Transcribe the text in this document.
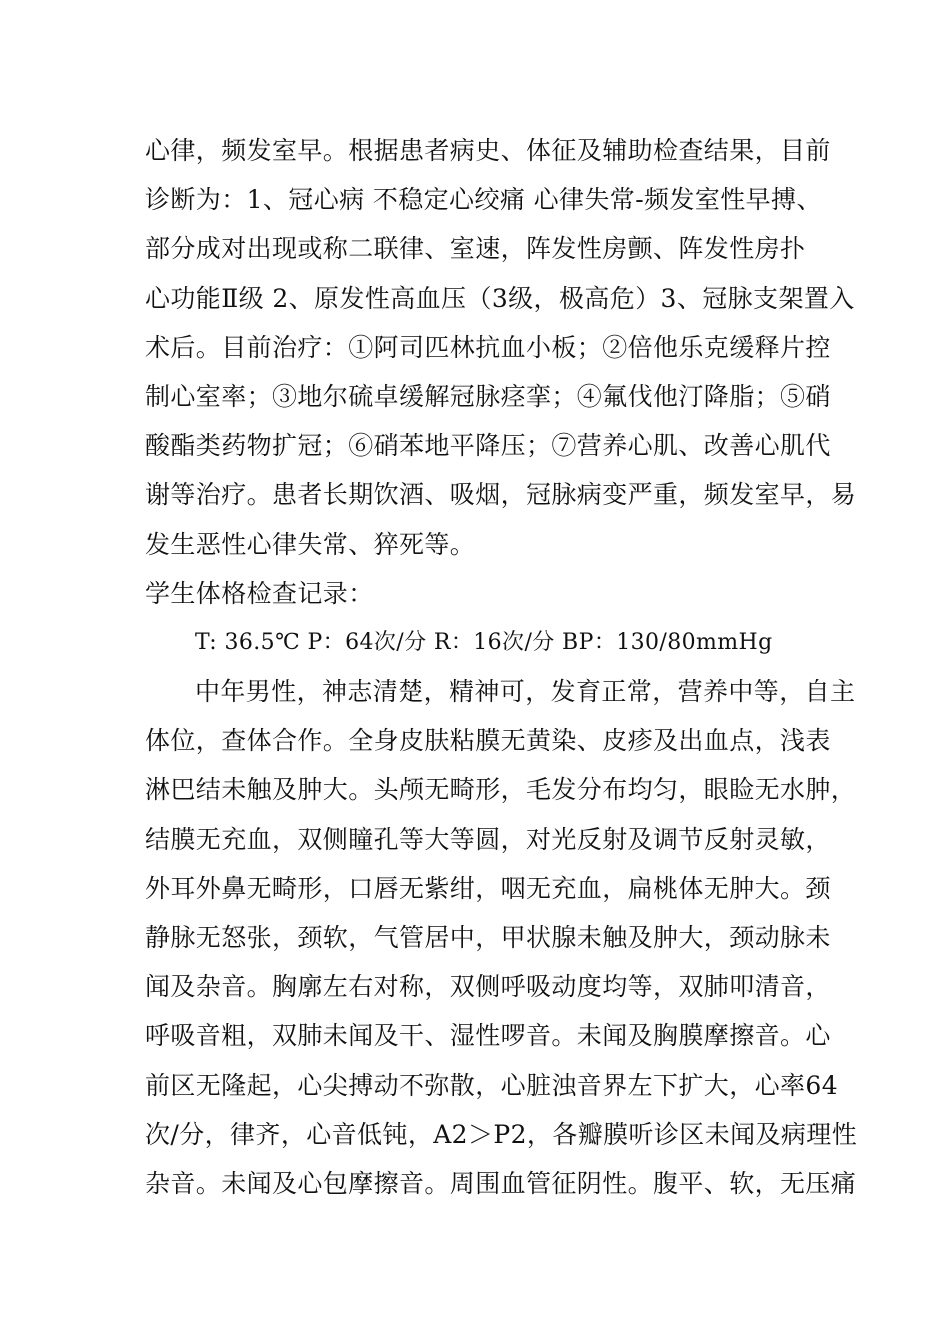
心律，频发室早。根据患者病史、体征及辅助检查结果，目前
诊断为：1、冠心病 不稳定心绞痛 心律失常-频发室性早搏、
部分成对出现或称二联律、室速，阵发性房颤、阵发性房扑
心功能Ⅱ级 2、原发性高血压（3级，极高危）3、冠脉支架置入
术后。目前治疗：①阿司匹林抗血小板；②倍他乐克缓释片控
制心室率；③地尔硫卓缓解冠脉痉挛；④氟伐他汀降脂；⑤硝
酸酯类药物扩冠；⑥硝苯地平降压；⑦营养心肌、改善心肌代
谢等治疗。患者长期饮酒、吸烟，冠脉病变严重，频发室早，易
发生恶性心律失常、猝死等。
学生体格检查记录：
T: 36.5℃ P：64次/分 R：16次/分 BP：130/80mmHg
中年男性，神志清楚，精神可，发育正常，营养中等，自主
体位，查体合作。全身皮肤粘膜无黄染、皮疹及出血点，浅表
淋巴结未触及肿大。头颅无畸形，毛发分布均匀，眼睑无水肿，
结膜无充血，双侧瞳孔等大等圆，对光反射及调节反射灵敏，
外耳外鼻无畸形，口唇无紫绀，咽无充血，扁桃体无肿大。颈
静脉无怒张，颈软，气管居中，甲状腺未触及肿大，颈动脉未
闻及杂音。胸廓左右对称，双侧呼吸动度均等，双肺叩清音，
呼吸音粗，双肺未闻及干、湿性啰音。未闻及胸膜摩擦音。心
前区无隆起，心尖搏动不弥散，心脏浊音界左下扩大，心率64
次/分，律齐，心音低钝，A2＞P2，各瓣膜听诊区未闻及病理性
杂音。未闻及心包摩擦音。周围血管征阴性。腹平、软，无压痛
